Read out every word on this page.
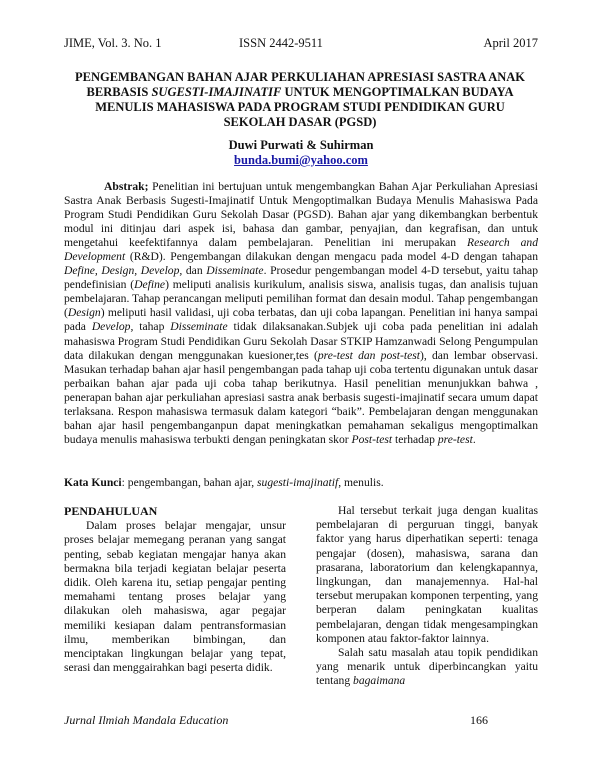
JIME, Vol. 3. No. 1	ISSN 2442-9511	April 2017
PENGEMBANGAN BAHAN AJAR PERKULIAHAN APRESIASI SASTRA ANAK BERBASIS SUGESTI-IMAJINATIF UNTUK MENGOPTIMALKAN BUDAYA MENULIS MAHASISWA PADA PROGRAM STUDI PENDIDIKAN GURU SEKOLAH DASAR (PGSD)
Duwi Purwati & Suhirman
bunda.bumi@yahoo.com

Abstrak; Penelitian ini bertujuan untuk mengembangkan Bahan Ajar Perkuliahan Apresiasi Sastra Anak Berbasis Sugesti-Imajinatif Untuk Mengoptimalkan Budaya Menulis Mahasiswa Pada Program Studi Pendidikan Guru Sekolah Dasar (PGSD). Bahan ajar yang dikembangkan berbentuk modul ini ditinjau dari aspek isi, bahasa dan gambar, penyajian, dan kegrafisan, dan untuk mengetahui keefektifannya dalam pembelajaran. Penelitian ini merupakan Research and Development (R&D). Pengembangan dilakukan dengan mengacu pada model 4-D dengan tahapan Define, Design, Develop, dan Disseminate. Prosedur pengembangan model 4-D tersebut, yaitu tahap pendefinisian (Define) meliputi analisis kurikulum, analisis siswa, analisis tugas, dan analisis tujuan pembelajaran. Tahap perancangan meliputi pemilihan format dan desain modul. Tahap pengembangan (Design) meliputi hasil validasi, uji coba terbatas, dan uji coba lapangan. Penelitian ini hanya sampai pada Develop, tahap Disseminate tidak dilaksanakan.Subjek uji coba pada penelitian ini adalah mahasiswa Program Studi Pendidikan Guru Sekolah Dasar STKIP Hamzanwadi Selong Pengumpulan data dilakukan dengan menggunakan kuesioner,tes (pre-test dan post-test), dan lembar observasi. Masukan terhadap bahan ajar hasil pengembangan pada tahap uji coba tertentu digunakan untuk dasar perbaikan bahan ajar pada uji coba tahap berikutnya. Hasil penelitian menunjukkan bahwa , penerapan bahan ajar perkuliahan apresiasi sastra anak berbasis sugesti-imajinatif secara umum dapat terlaksana. Respon mahasiswa termasuk dalam kategori “baik”. Pembelajaran dengan menggunakan bahan ajar hasil pengembanganpun dapat meningkatkan pemahaman sekaligus mengoptimalkan budaya menulis mahasiswa terbukti dengan peningkatan skor Post-test terhadap pre-test.

Kata Kunci: pengembangan, bahan ajar, sugesti-imajinatif, menulis.
PENDAHULUAN

Dalam proses belajar mengajar, unsur proses belajar memegang peranan yang sangat penting, sebab kegiatan mengajar hanya akan bermakna bila terjadi kegiatan belajar peserta didik. Oleh karena itu, setiap pengajar penting memahami tentang proses belajar yang dilakukan oleh mahasiswa, agar pegajar memiliki kesiapan dalam pentransformasian ilmu, memberikan bimbingan, dan menciptakan lingkungan belajar yang tepat, serasi dan menggairahkan bagi peserta didik.

Hal tersebut terkait juga dengan kualitas pembelajaran di perguruan tinggi, banyak faktor yang harus diperhatikan seperti: tenaga pengajar (dosen), mahasiswa, sarana dan prasarana, laboratorium dan kelengkapannya, lingkungan, dan manajemennya. Hal-hal tersebut merupakan komponen terpenting, yang berperan dalam peningkatan kualitas pembelajaran, dengan tidak mengesampingkan komponen atau faktor-faktor lainnya.

Salah satu masalah atau topik pendidikan yang menarik untuk diperbincangkan yaitu tentang bagaimana

Jurnal Ilmiah Mandala Education	166
